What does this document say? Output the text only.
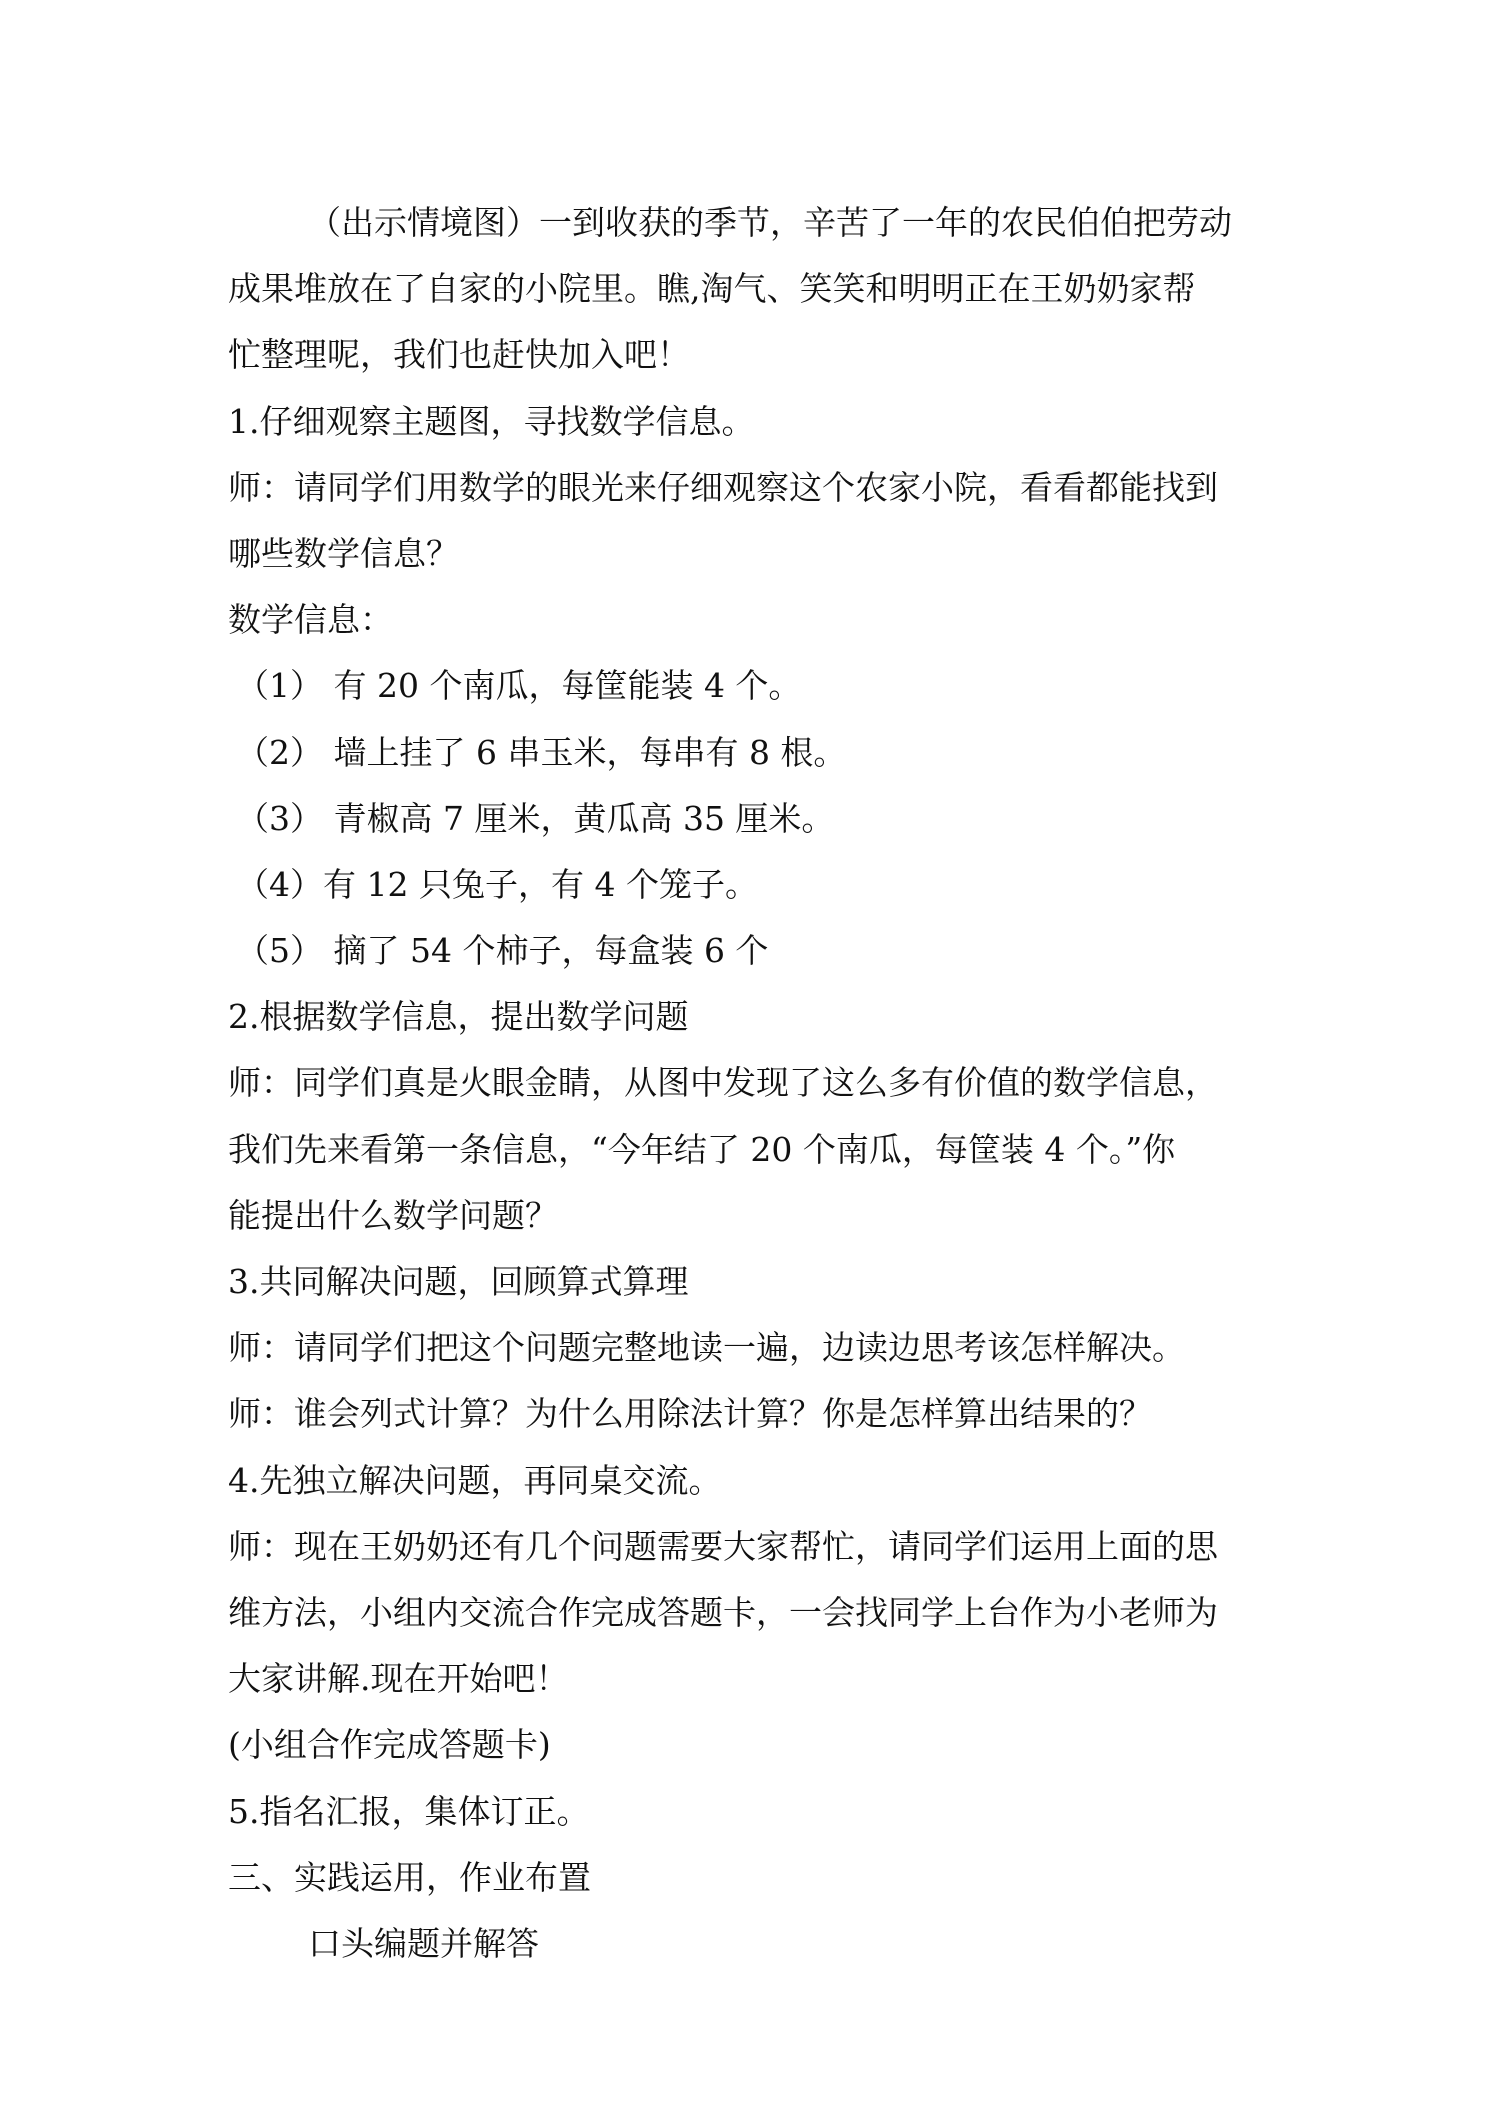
（出示情境图）一到收获的季节，辛苦了一年的农民伯伯把劳动
成果堆放在了自家的小院里。瞧,淘气、笑笑和明明正在王奶奶家帮
忙整理呢，我们也赶快加入吧！
1.仔细观察主题图，寻找数学信息。
师：请同学们用数学的眼光来仔细观察这个农家小院，看看都能找到
哪些数学信息？
数学信息：
（1） 有 20 个南瓜，每筐能装 4 个。
（2） 墙上挂了 6 串玉米，每串有 8 根。
（3） 青椒高 7 厘米，黄瓜高 35 厘米。
（4）有 12 只兔子，有 4 个笼子。
（5） 摘了 54 个柿子，每盒装 6 个
2.根据数学信息，提出数学问题
师：同学们真是火眼金睛，从图中发现了这么多有价值的数学信息，
我们先来看第一条信息，“今年结了 20 个南瓜，每筐装 4 个。”你
能提出什么数学问题？
3.共同解决问题，回顾算式算理
师：请同学们把这个问题完整地读一遍，边读边思考该怎样解决。
师：谁会列式计算？为什么用除法计算？你是怎样算出结果的？
4.先独立解决问题，再同桌交流。
师：现在王奶奶还有几个问题需要大家帮忙，请同学们运用上面的思
维方法，小组内交流合作完成答题卡，一会找同学上台作为小老师为
大家讲解.现在开始吧！
(小组合作完成答题卡)
5.指名汇报，集体订正。
三、实践运用，作业布置
口头编题并解答
